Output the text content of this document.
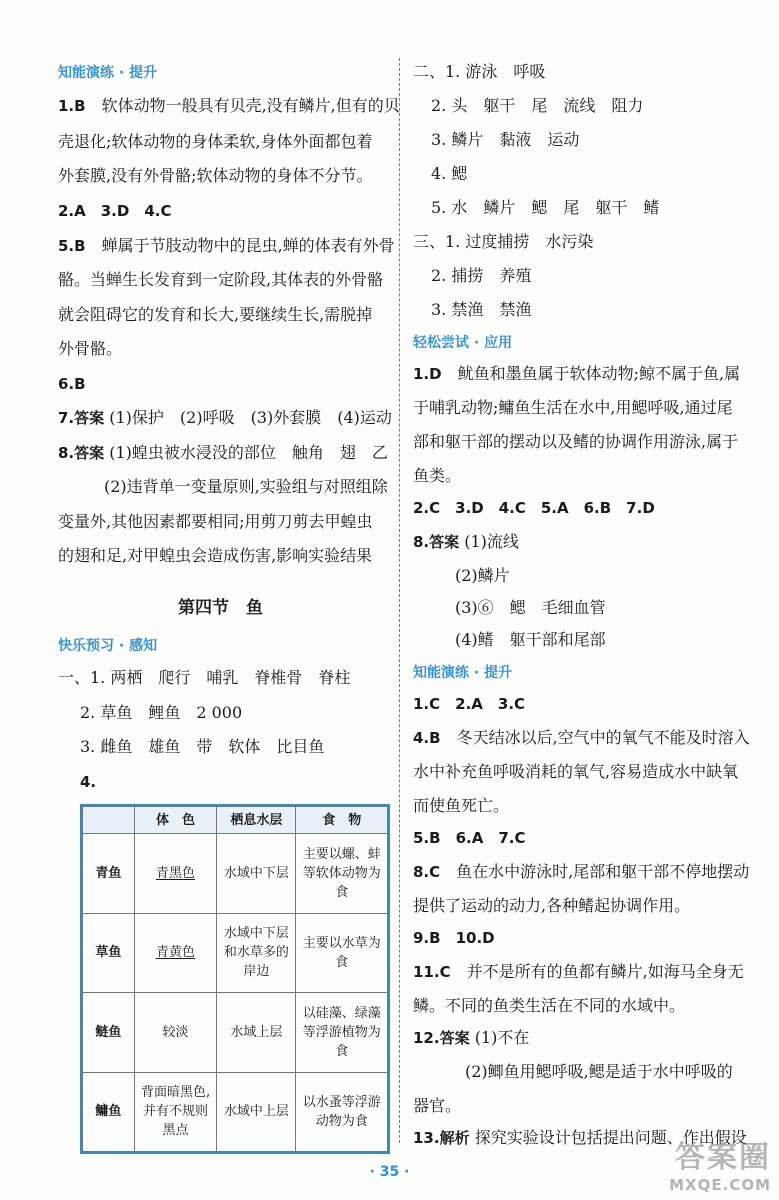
知能演练 · 提升
1.B　 软体动物一般具有贝壳,没有鳞片,但有的贝
壳退化;软体动物的身体柔软,身体外面都包着
外套膜,没有外骨骼;软体动物的身体不分节。
2.A　3.D　4.C
5.B　 蝉属于节肢动物中的昆虫,蝉的体表有外骨
骼。当蝉生长发育到一定阶段,其体表的外骨骼
就会阻碍它的发育和长大,要继续生长,需脱掉
外骨骼。
6.B
7.答案 (1)保护　(2)呼吸　(3)外套膜　(4)运动
8.答案 (1)蝗虫被水浸没的部位　触角　翅　乙
(2)违背单一变量原则,实验组与对照组除
变量外,其他因素都要相同;用剪刀剪去甲蝗虫
的翅和足,对甲蝗虫会造成伤害,影响实验结果
第四节　鱼
快乐预习 · 感知
一、1. 两栖　爬行　哺乳　脊椎骨　脊柱
2. 草鱼　鲤鱼　2 000
3. 雌鱼　雄鱼　带　软体　比目鱼
4.
	体　色	栖息水层	食　物
青鱼	青黑色	水域中下层	主要以螺、蚌等软体动物为食
草鱼	青黄色	水域中下层和水草多的岸边	主要以水草为食
鲢鱼	较淡	水域上层	以硅藻、绿藻等浮游植物为食
鳙鱼	背面暗黑色,并有不规则黑点	水域中上层	以水蚤等浮游动物为食
二、1. 游泳　呼吸
2. 头　躯干　尾　流线　阻力
3. 鳞片　黏液　运动
4. 鳃
5. 水　鳞片　鳃　尾　躯干　鳍
三、1. 过度捕捞　水污染
2. 捕捞　养殖
3. 禁渔　禁渔
轻松尝试 · 应用
1.D　 鱿鱼和墨鱼属于软体动物;鲸不属于鱼,属
于哺乳动物;鳙鱼生活在水中,用鳃呼吸,通过尾
部和躯干部的摆动以及鳍的协调作用游泳,属于
鱼类。
2.C　3.D　4.C　5.A　6.B　7.D
8.答案 (1)流线
(2)鳞片
(3)⑥　鳃　毛细血管
(4)鳍　躯干部和尾部
知能演练 · 提升
1.C　2.A　3.C
4.B　 冬天结冰以后,空气中的氧气不能及时溶入
水中补充鱼呼吸消耗的氧气,容易造成水中缺氧
而使鱼死亡。
5.B　6.A　7.C
8.C　 鱼在水中游泳时,尾部和躯干部不停地摆动
提供了运动的动力,各种鳍起协调作用。
9.B　10.D
11.C　 并不是所有的鱼都有鳞片,如海马全身无
鳞。不同的鱼类生活在不同的水域中。
12.答案 (1)不在
(2)鲫鱼用鳃呼吸,鳃是适于水中呼吸的
器官。
13.解析 探究实验设计包括提出问题、作出假设
· 35 ·	答案圈
MXQE.COM
